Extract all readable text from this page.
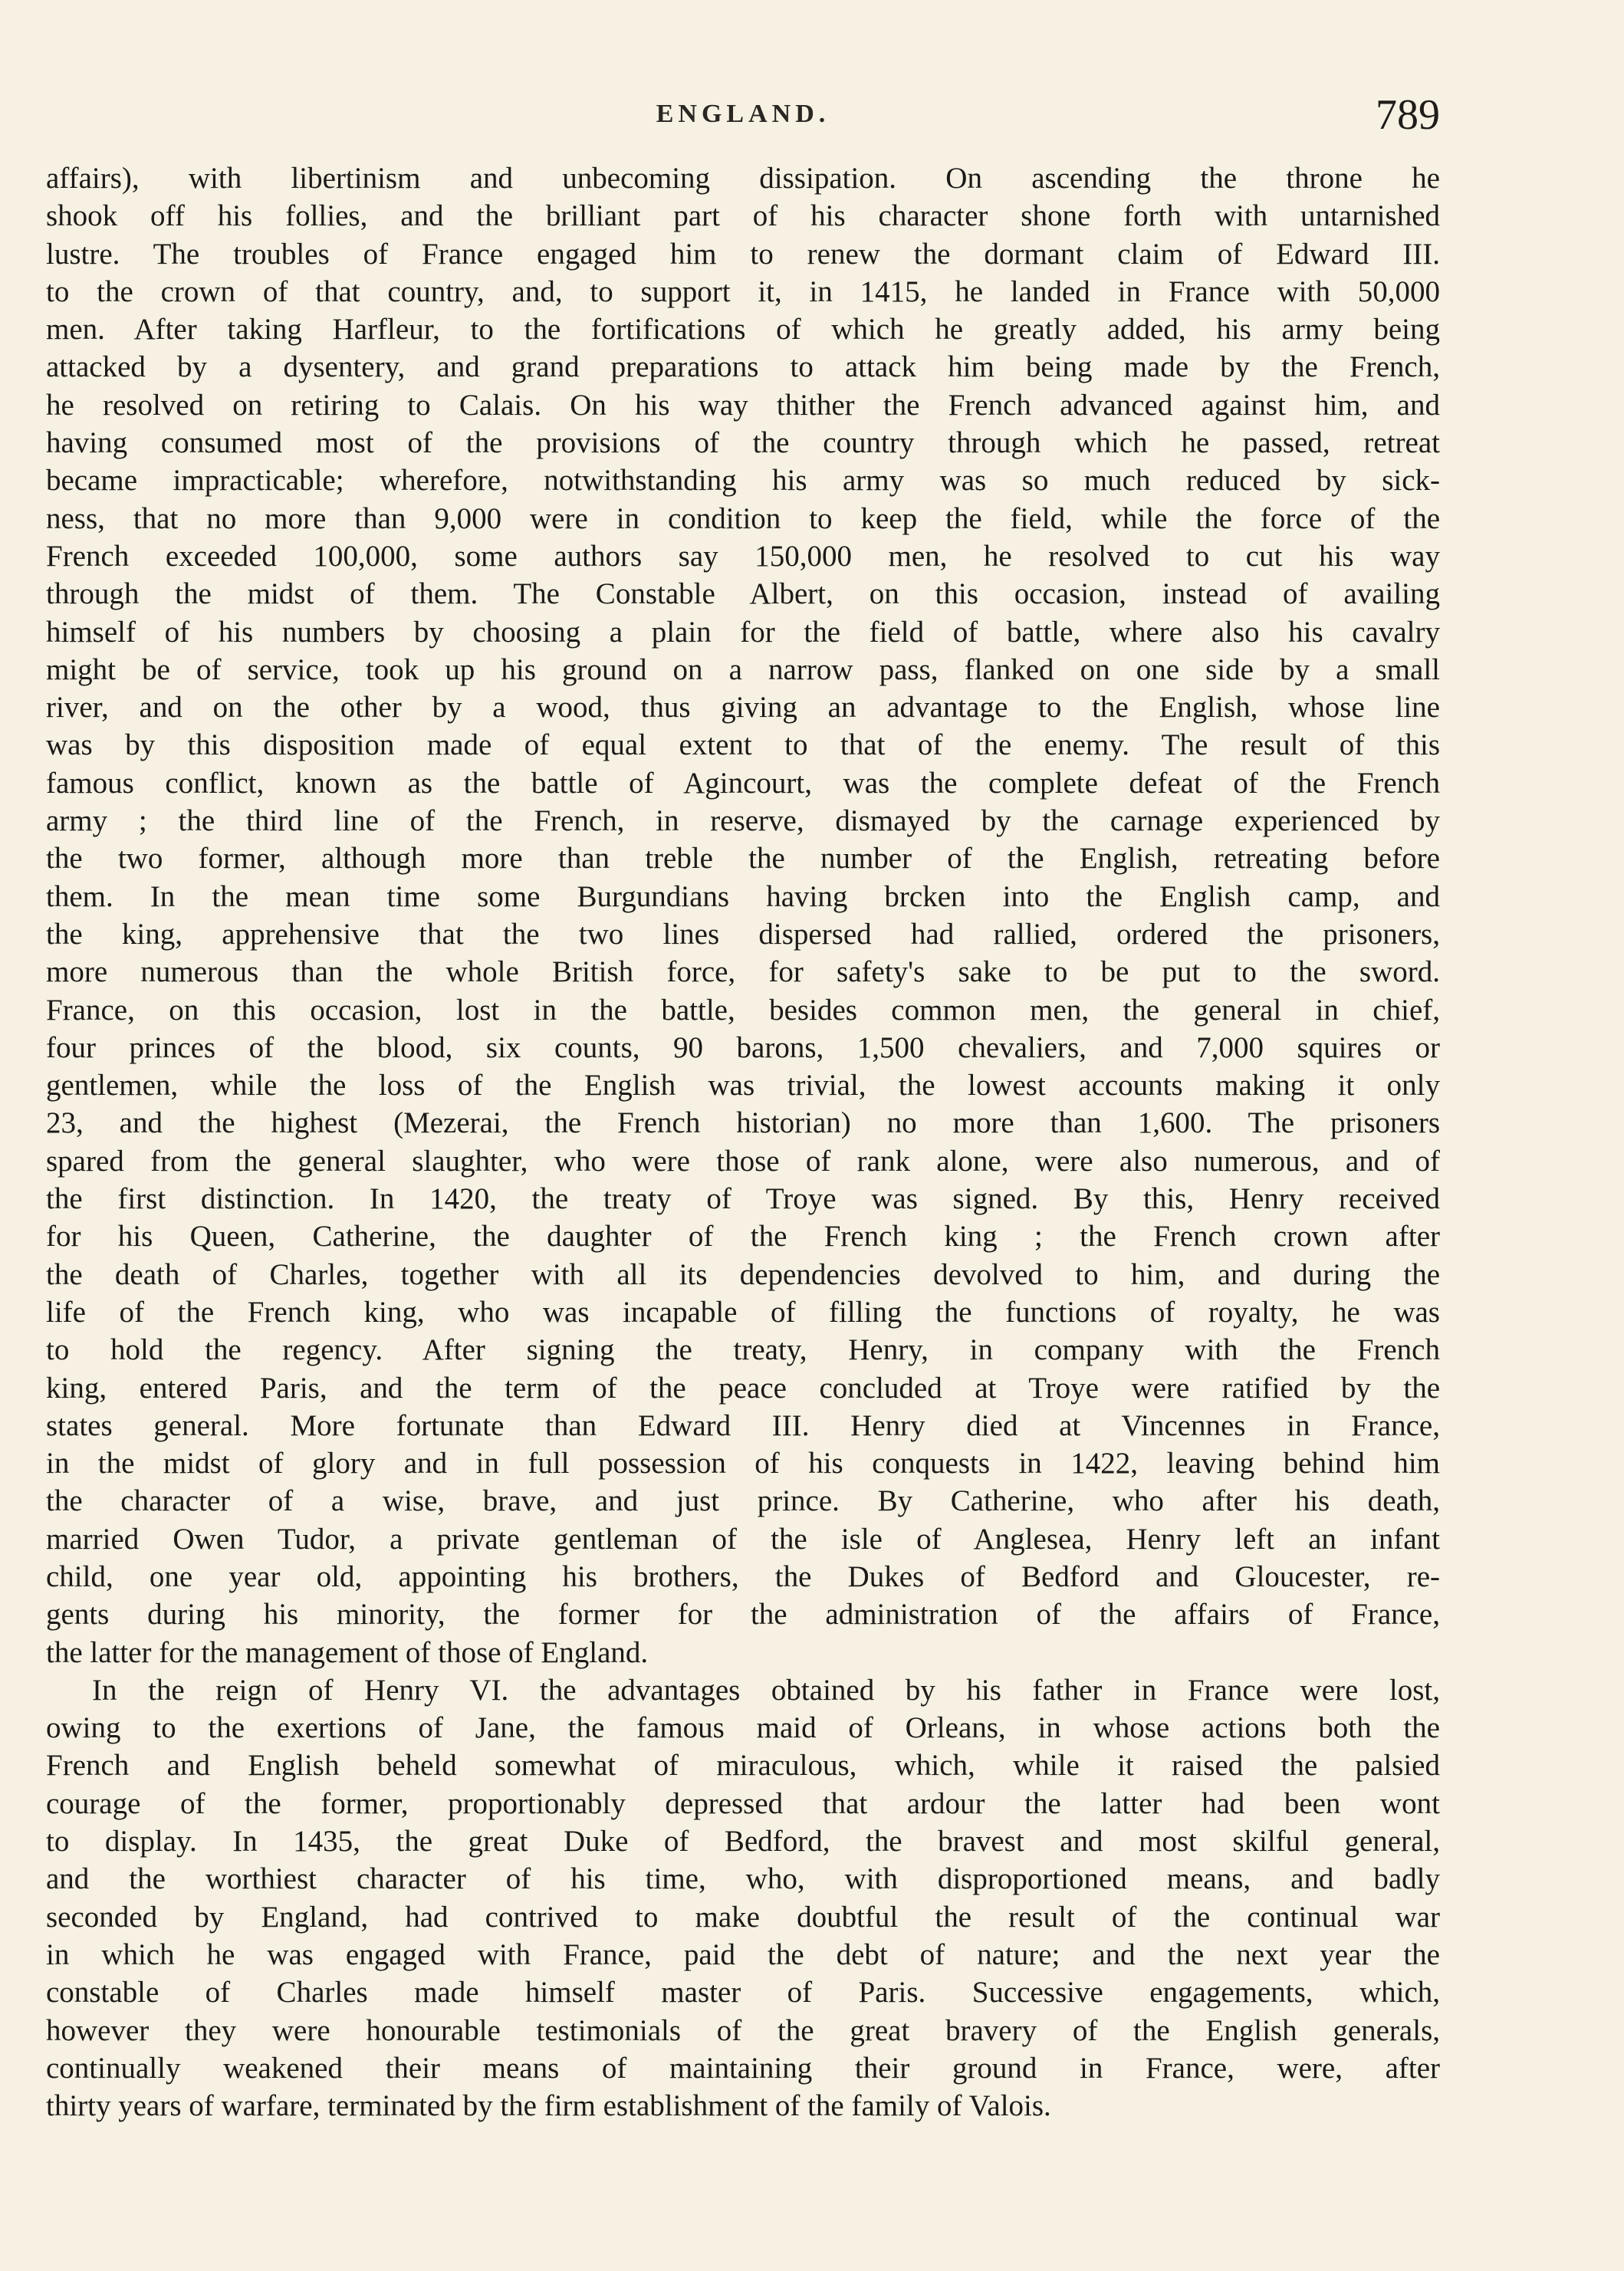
ENGLAND.	789
affairs), with libertinism and unbecoming dissipation. On ascending the throne he
shook off his follies, and the brilliant part of his character shone forth with untarnished
lustre. The troubles of France engaged him to renew the dormant claim of Edward III.
to the crown of that country, and, to support it, in 1415, he landed in France with 50,000
men. After taking Harfleur, to the fortifications of which he greatly added, his army being
attacked by a dysentery, and grand preparations to attack him being made by the French,
he resolved on retiring to Calais. On his way thither the French advanced against him, and
having consumed most of the provisions of the country through which he passed, retreat
became impracticable; wherefore, notwithstanding his army was so much reduced by sick-
ness, that no more than 9,000 were in condition to keep the field, while the force of the
French exceeded 100,000, some authors say 150,000 men, he resolved to cut his way
through the midst of them. The Constable Albert, on this occasion, instead of availing
himself of his numbers by choosing a plain for the field of battle, where also his cavalry
might be of service, took up his ground on a narrow pass, flanked on one side by a small
river, and on the other by a wood, thus giving an advantage to the English, whose line
was by this disposition made of equal extent to that of the enemy. The result of this
famous conflict, known as the battle of Agincourt, was the complete defeat of the French
army ; the third line of the French, in reserve, dismayed by the carnage experienced by
the two former, although more than treble the number of the English, retreating before
them. In the mean time some Burgundians having brcken into the English camp, and
the king, apprehensive that the two lines dispersed had rallied, ordered the prisoners,
more numerous than the whole British force, for safety's sake to be put to the sword.
France, on this occasion, lost in the battle, besides common men, the general in chief,
four princes of the blood, six counts, 90 barons, 1,500 chevaliers, and 7,000 squires or
gentlemen, while the loss of the English was trivial, the lowest accounts making it only
23, and the highest (Mezerai, the French historian) no more than 1,600. The prisoners
spared from the general slaughter, who were those of rank alone, were also numerous, and of
the first distinction. In 1420, the treaty of Troye was signed. By this, Henry received
for his Queen, Catherine, the daughter of the French king ; the French crown after
the death of Charles, together with all its dependencies devolved to him, and during the
life of the French king, who was incapable of filling the functions of royalty, he was
to hold the regency. After signing the treaty, Henry, in company with the French
king, entered Paris, and the term of the peace concluded at Troye were ratified by the
states general. More fortunate than Edward III. Henry died at Vincennes in France,
in the midst of glory and in full possession of his conquests in 1422, leaving behind him
the character of a wise, brave, and just prince. By Catherine, who after his death,
married Owen Tudor, a private gentleman of the isle of Anglesea, Henry left an infant
child, one year old, appointing his brothers, the Dukes of Bedford and Gloucester, re-
gents during his minority, the former for the administration of the affairs of France,
the latter for the management of those of England.
In the reign of Henry VI. the advantages obtained by his father in France were lost,
owing to the exertions of Jane, the famous maid of Orleans, in whose actions both the
French and English beheld somewhat of miraculous, which, while it raised the palsied
courage of the former, proportionably depressed that ardour the latter had been wont
to display. In 1435, the great Duke of Bedford, the bravest and most skilful general,
and the worthiest character of his time, who, with disproportioned means, and badly
seconded by England, had contrived to make doubtful the result of the continual war
in which he was engaged with France, paid the debt of nature; and the next year the
constable of Charles made himself master of Paris. Successive engagements, which,
however they were honourable testimonials of the great bravery of the English generals,
continually weakened their means of maintaining their ground in France, were, after
thirty years of warfare, terminated by the firm establishment of the family of Valois.
